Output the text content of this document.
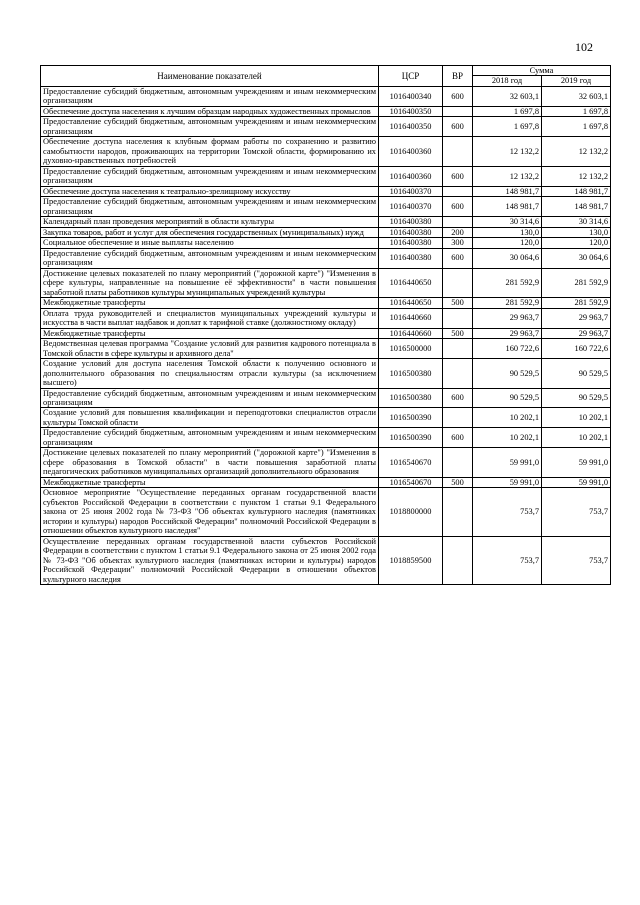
102
Наименование показателей	ЦСР	ВР	Сумма	
			2018 год	2019 год
Предоставление субсидий бюджетным, автономным учреждениям и иным некоммерческим организациям	1016400340	600	32 603,1	32 603,1
Обеспечение доступа населения к лучшим образцам народных художественных промыслов	1016400350		1 697,8	1 697,8
Предоставление субсидий бюджетным, автономным учреждениям и иным некоммерческим организациям	1016400350	600	1 697,8	1 697,8
Обеспечение доступа населения к клубным формам работы по сохранению и развитию самобытности народов, проживающих на территории Томской области, формированию их духовно-нравственных потребностей	1016400360		12 132,2	12 132,2
Предоставление субсидий бюджетным, автономным учреждениям и иным некоммерческим организациям	1016400360	600	12 132,2	12 132,2
Обеспечение доступа населения к театрально-зрелищному искусству	1016400370		148 981,7	148 981,7
Предоставление субсидий бюджетным, автономным учреждениям и иным некоммерческим организациям	1016400370	600	148 981,7	148 981,7
Календарный план проведения мероприятий в области культуры	1016400380		30 314,6	30 314,6
Закупка товаров, работ и услуг для обеспечения государственных (муниципальных) нужд	1016400380	200	130,0	130,0
Социальное обеспечение и иные выплаты населению	1016400380	300	120,0	120,0
Предоставление субсидий бюджетным, автономным учреждениям и иным некоммерческим организациям	1016400380	600	30 064,6	30 064,6
Достижение целевых показателей по плану мероприятий ("дорожной карте") "Изменения в сфере культуры, направленные на повышение её эффективности" в части повышения заработной платы работников культуры муниципальных учреждений культуры	1016440650		281 592,9	281 592,9
Межбюджетные трансферты	1016440650	500	281 592,9	281 592,9
Оплата труда руководителей и специалистов муниципальных учреждений культуры и искусства в части выплат надбавок и доплат к тарифной ставке (должностному окладу)	1016440660		29 963,7	29 963,7
Межбюджетные трансферты	1016440660	500	29 963,7	29 963,7
Ведомственная целевая программа "Создание условий для развития кадрового потенциала в Томской области в сфере культуры и архивного дела"	1016500000		160 722,6	160 722,6
Создание условий для доступа населения Томской области к получению основного и дополнительного образования по специальностям отрасли культуры (за исключением высшего)	1016500380		90 529,5	90 529,5
Предоставление субсидий бюджетным, автономным учреждениям и иным некоммерческим организациям	1016500380	600	90 529,5	90 529,5
Создание условий для повышения квалификации и переподготовки специалистов отрасли культуры Томской области	1016500390		10 202,1	10 202,1
Предоставление субсидий бюджетным, автономным учреждениям и иным некоммерческим организациям	1016500390	600	10 202,1	10 202,1
Достижение целевых показателей по плану мероприятий ("дорожной карте") "Изменения в сфере образования в Томской области" в части повышения заработной платы педагогических работников муниципальных организаций дополнительного образования	1016540670		59 991,0	59 991,0
Межбюджетные трансферты	1016540670	500	59 991,0	59 991,0
Основное мероприятие "Осуществление переданных органам государственной власти субъектов Российской Федерации в соответствии с пунктом 1 статьи 9.1 Федерального закона от 25 июня 2002 года № 73-ФЗ "Об объектах культурного наследия (памятниках истории и культуры) народов Российской Федерации" полномочий Российской Федерации в отношении объектов культурного наследия"	1018800000		753,7	753,7
Осуществление переданных органам государственной власти субъектов Российской Федерации в соответствии с пунктом 1 статьи 9.1 Федерального закона от 25 июня 2002 года № 73-ФЗ "Об объектах культурного наследия (памятниках истории и культуры) народов Российской Федерации" полномочий Российской Федерации в отношении объектов культурного наследия	1018859500		753,7	753,7
